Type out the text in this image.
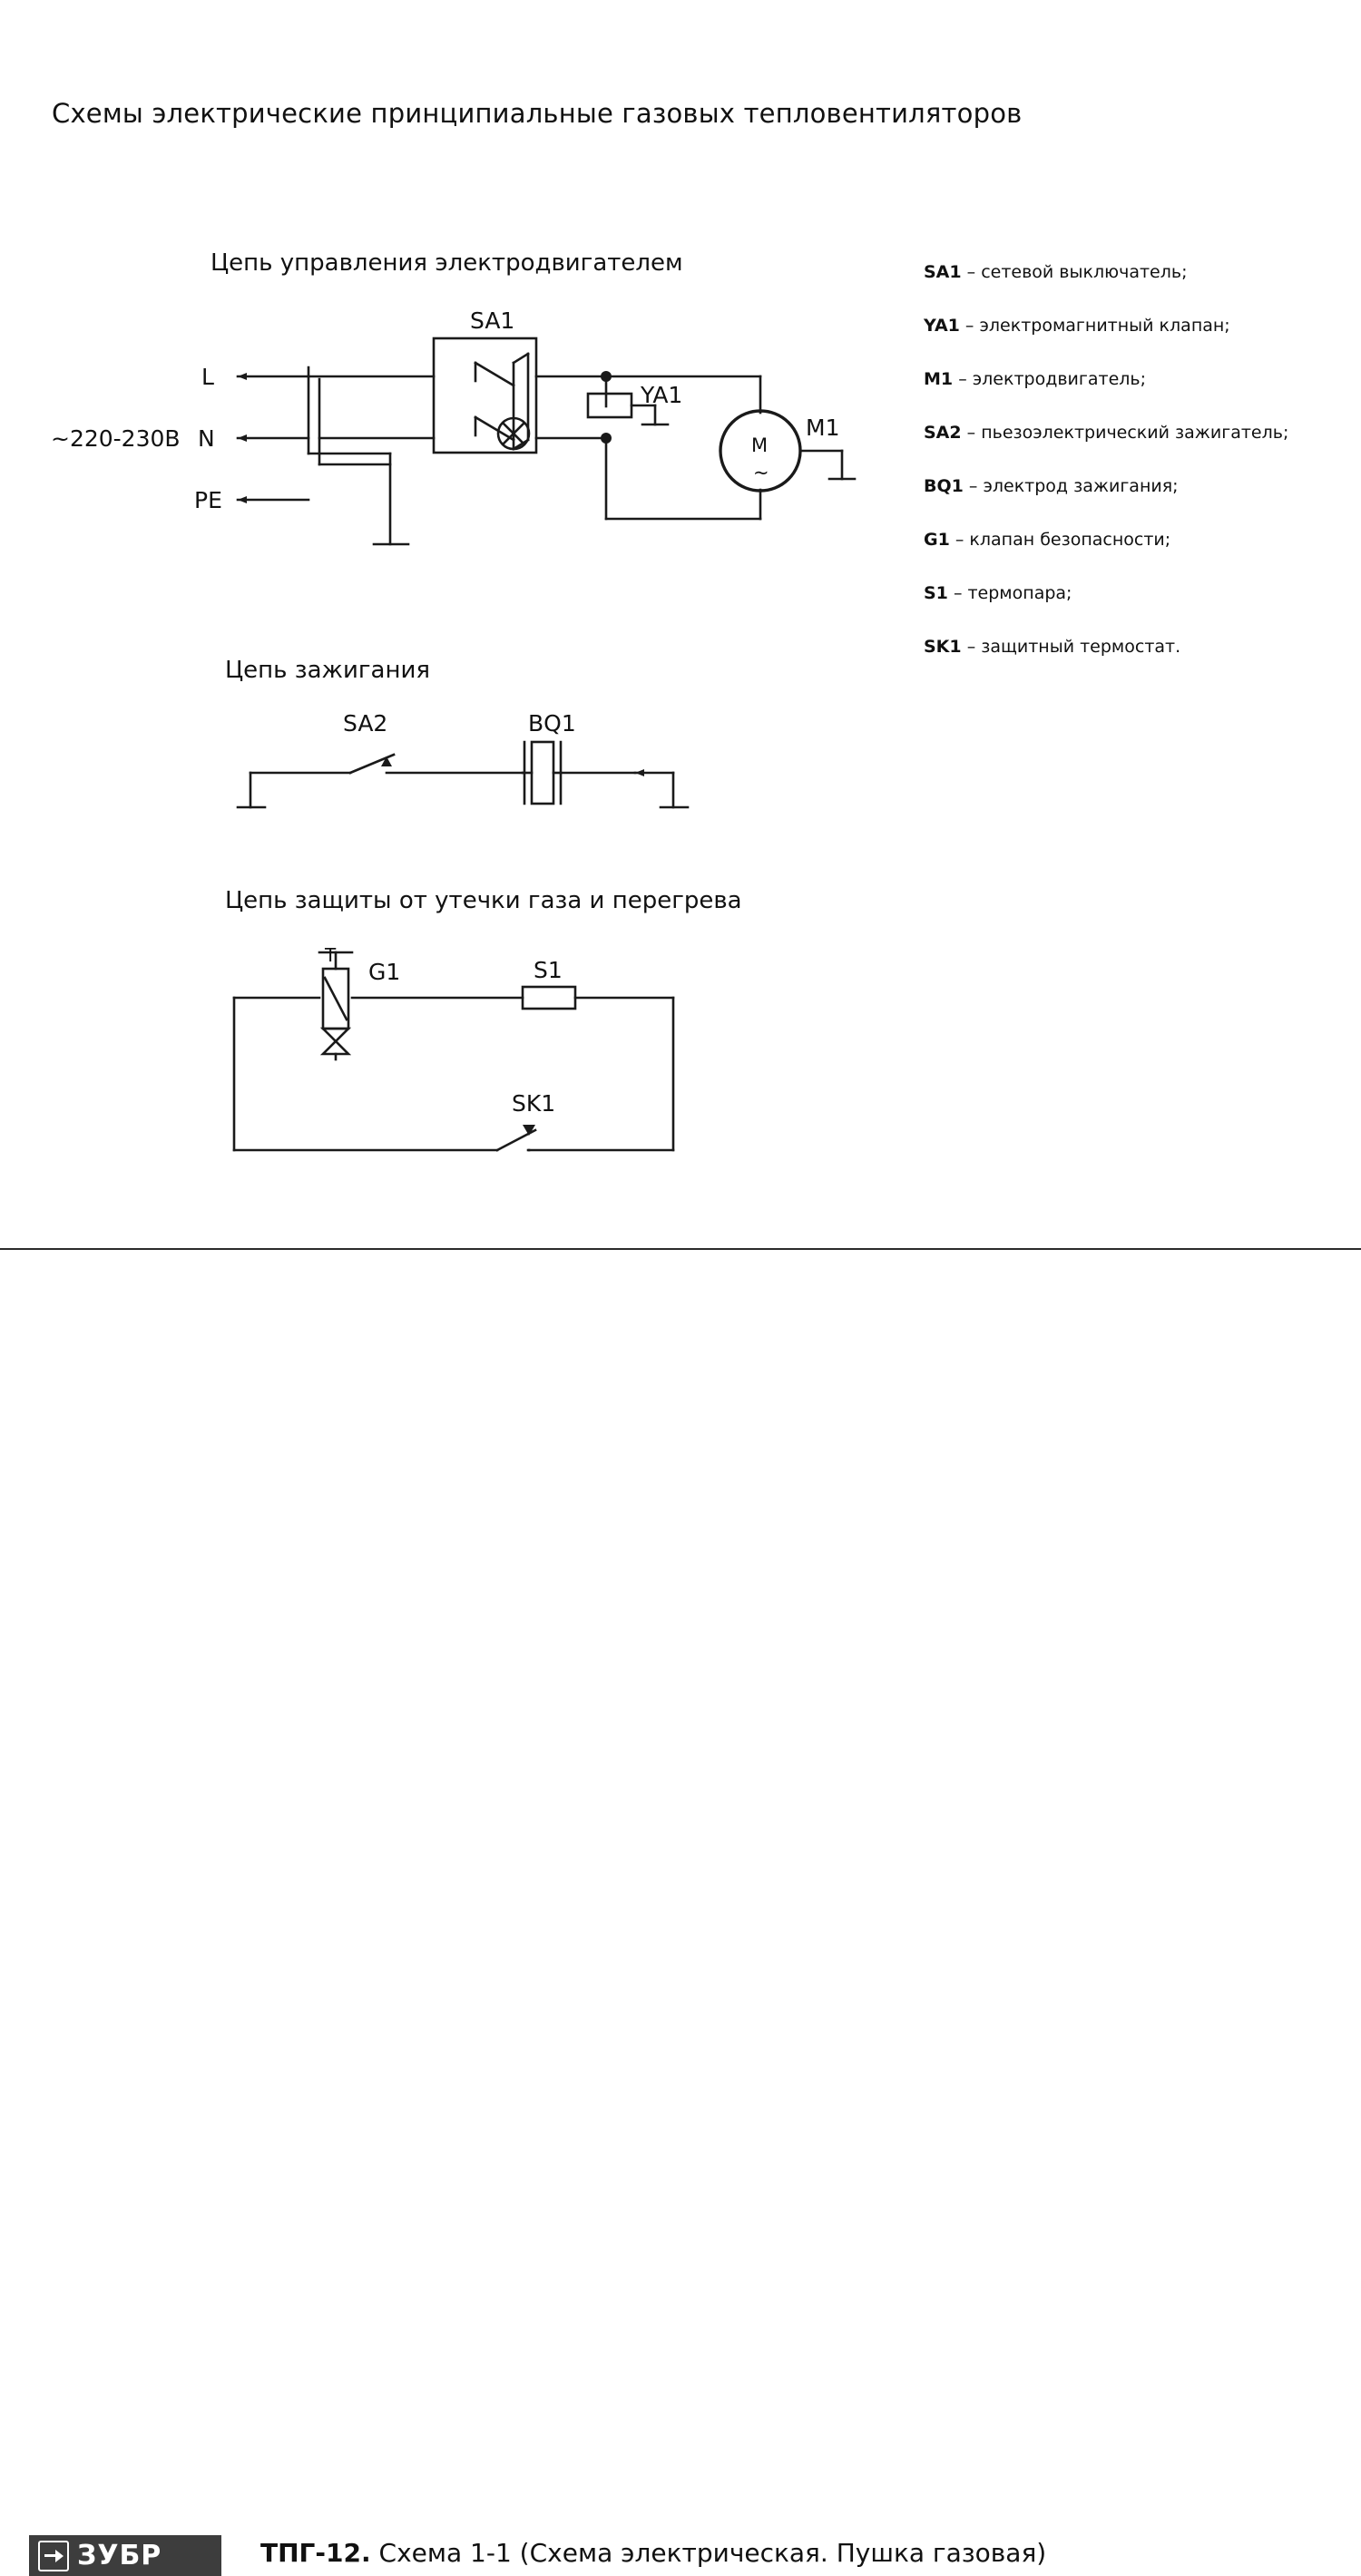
Схемы электрические принципиальные газовых тепловентиляторов
Цепь управления электродвигателем
Цепь зажигания
Цепь защиты от утечки газа и перегрева
L
N
PE
~220-230В
SA1
YA1
M1
M
~
SA2	BQ1
G1	S1
SK1
T
SA1 – сетевой выключатель;
YA1 – электромагнитный клапан;
M1 – электродвигатель;
SA2 – пьезоэлектрический зажигатель;
BQ1 – электрод зажигания;
G1 – клапан безопасности;
S1 – термопара;
SK1 – защитный термостат.
ЗУБР	ТПГ-12. Схема 1-1 (Схема электрическая. Пушка газовая)
